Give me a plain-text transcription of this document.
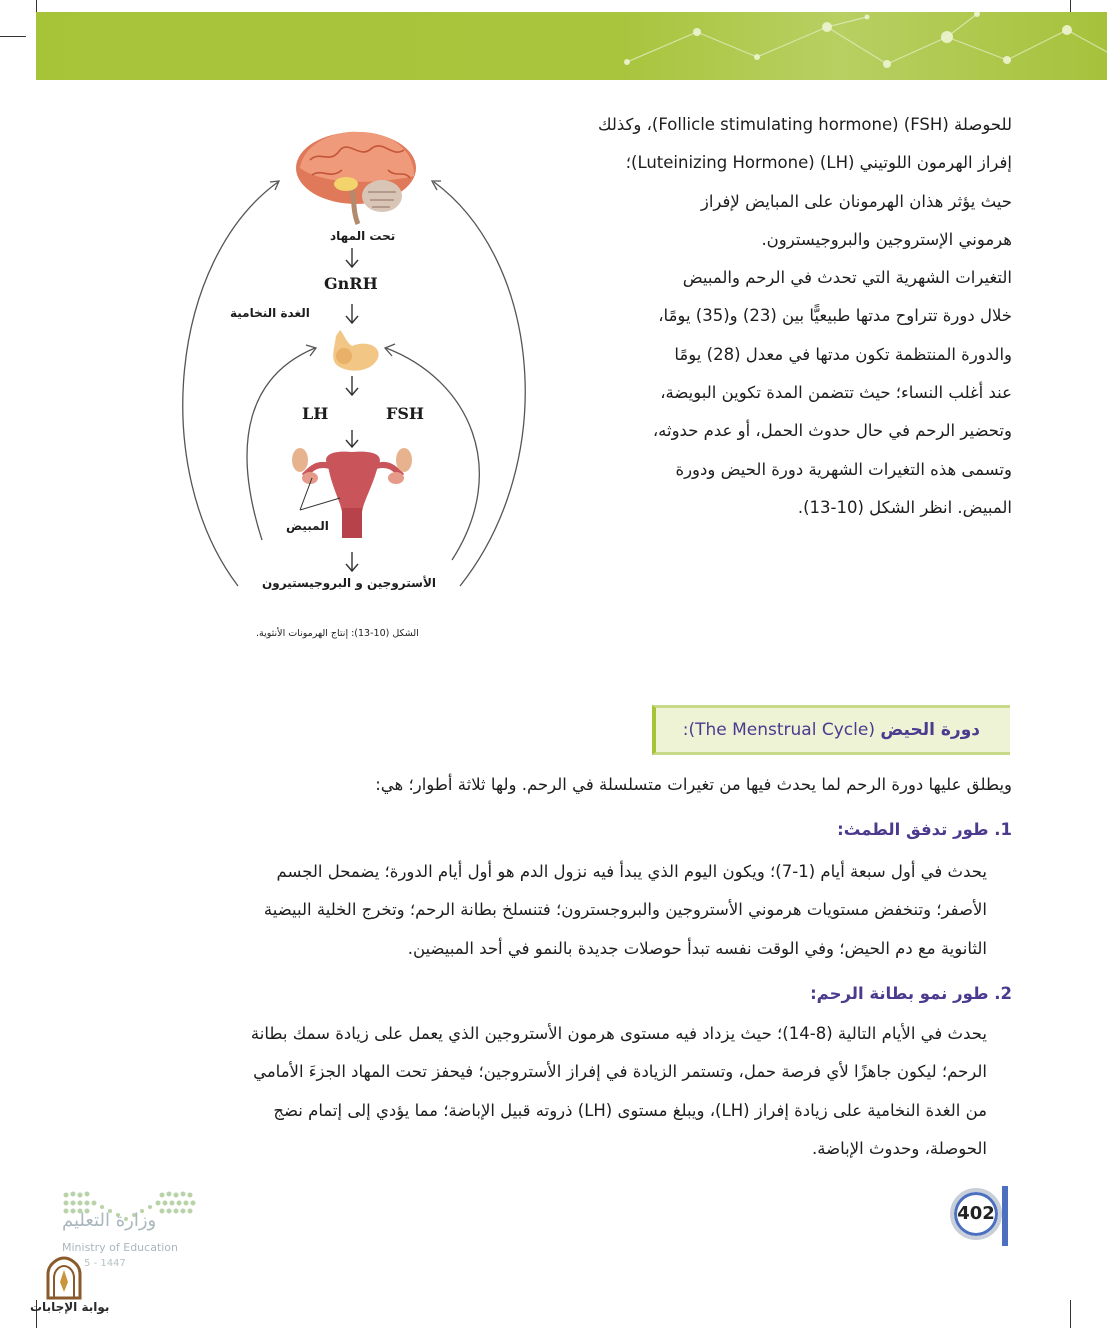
للحوصلة (FSH) (Follicle stimulating hormone)، وكذلك

إفراز الهرمون اللوتيني (LH) (Luteinizing Hormone)؛

حيث يؤثر هذان الهرمونان على المبايض لإفراز

هرموني الإستروجين والبروجيسترون.

التغيرات الشهرية التي تحدث في الرحم والمبيض

خلال دورة تتراوح مدتها طبيعيًّا بين (23) و(35) يومًا،

والدورة المنتظمة تكون مدتها في معدل (28) يومًا

عند أغلب النساء؛ حيث تتضمن المدة تكوين البويضة،

وتحضير الرحم في حال حدوث الحمل، أو عدم حدوثه،

وتسمى هذه التغيرات الشهرية دورة الحيض ودورة

المبيض. انظر الشكل (10-13).

تحت المهاد
GnRH
الغدة النخامية
LH	FSH
المبيض
الأستروجين و البروجيستيرون
الشكل (10-13): إنتاج الهرمونات الأنثوية.
دورة الحيض (The Menstrual Cycle):

ويطلق عليها دورة الرحم لما يحدث فيها من تغيرات متسلسلة في الرحم. ولها ثلاثة أطوار؛ هي:

1. طور تدفق الطمث:

يحدث في أول سبعة أيام (1-7)؛ ويكون اليوم الذي يبدأ فيه نزول الدم هو أول أيام الدورة؛ يضمحل الجسم

الأصفر؛ وتنخفض مستويات هرموني الأستروجين والبروجسترون؛ فتنسلخ بطانة الرحم؛ وتخرج الخلية البيضية

الثانوية مع دم الحيض؛ وفي الوقت نفسه تبدأ حوصلات جديدة بالنمو في أحد المبيضين.

2. طور نمو بطانة الرحم:

يحدث في الأيام التالية (8-14)؛ حيث يزداد فيه مستوى هرمون الأستروجين الذي يعمل على زيادة سمك بطانة

الرحم؛ ليكون جاهزًا لأي فرصة حمل، وتستمر الزيادة في إفراز الأستروجين؛ فيحفز تحت المهاد الجزءَ الأمامي

من الغدة النخامية على زيادة إفراز (LH)، ويبلغ مستوى (LH) ذروته قبيل الإباضة؛ مما يؤدي إلى إتمام نضج

الحوصلة، وحدوث الإباضة.

402
وزارة التعليم
Ministry of Education
5 - 1447
بوابة الإجابات
